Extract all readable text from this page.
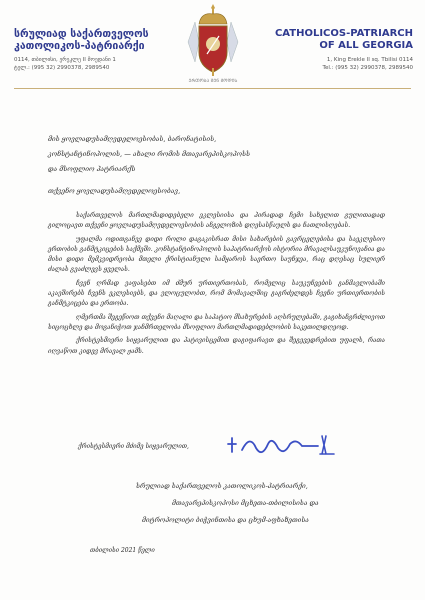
სრულიად საქართველოს კათოლიკოს-პატრიარქი
0114, თბილისი, ერეკლე II მოედანი 1
ტელ.: (995 32) 2990378, 2989540
ᲔᲠᲗᲝᲑᲐ ᲨᲔᲜ ᲛᲝᲓᲘᲡ
CATHOLICOS-PATRIARCH OF ALL GEORGIA
1, King Erekle II sq. Tbilisi 0114
Tel.: (995 32) 2990378, 2989540
მის ყოვლადუსამღვდელოესობას, ბარონატისის,
კონსტანტინოპოლის, — ახალი რომის მთავარეპისკოპოსს
და მსოფლიო პატრიარქს
თქვენო ყოვლადუსამღვდელოესობავ,

საქართველოს მართლმადიდებელი ეკლესიისა და პირადად ჩემი სახელით გულითადად გილოცავთ თქვენი ყოვლადუსამღვდელოესობის ანგელოზის დღესასწაულს და ნათლისღებას.

უფალმა ოდითგანვე დიდი როლი დაგაკისრათ მისი სახარების გავრცელებისა და საეკლესიო ერთობის განმტკიცების საქმეში. კონსტანტინოპოლის საპატრიარქოს ისტორია მრავალსაუკუნოვანია და მისი დიდი მემკვიდრეობა მთელი ქრისტიანული სამყაროს საერთო საუნჯეა, რაც დღესაც სულიერ ძალას გვაძლევს ყველას.

ჩვენ ღრმად ვაფასებთ იმ ძმურ ურთიერთობას, რომელიც საუკუნეების განმავლობაში აკავშირებს ჩვენს ეკლესიებს, და ვლოცულობთ, რომ მომავალშიც გაგრძელდეს ჩვენი ურთიერთობის განმტკიცება და ერთობა.

ღმერთმა შეგეწიოთ თქვენი მაღალი და საპატიო მსახურების აღსრულებაში, გაგიხანგრძლივოთ სიცოცხლე და მოგანიჭოთ ჯანმრთელობა მსოფლიო მართლმადიდებლობის საკეთილდღეოდ.

ქრისტესმიერი სიყვარულით და პატივისცემით დაგიფარავთ და შეგევედრებით უფალს, რათა იღვაწოთ კიდევ მრავალ ჟამს.

ქრისტესმიერი მძიმე სიყვარულით,
სრულიად საქართველოს კათოლიკოს-პატრიარქი,
მთავარეპისკოპოსი მცხეთა-თბილისისა და
მიტროპოლიტი ბიჭვინთისა და ცხუმ-აფხაზეთისა
თბილისი 2021 წელი
